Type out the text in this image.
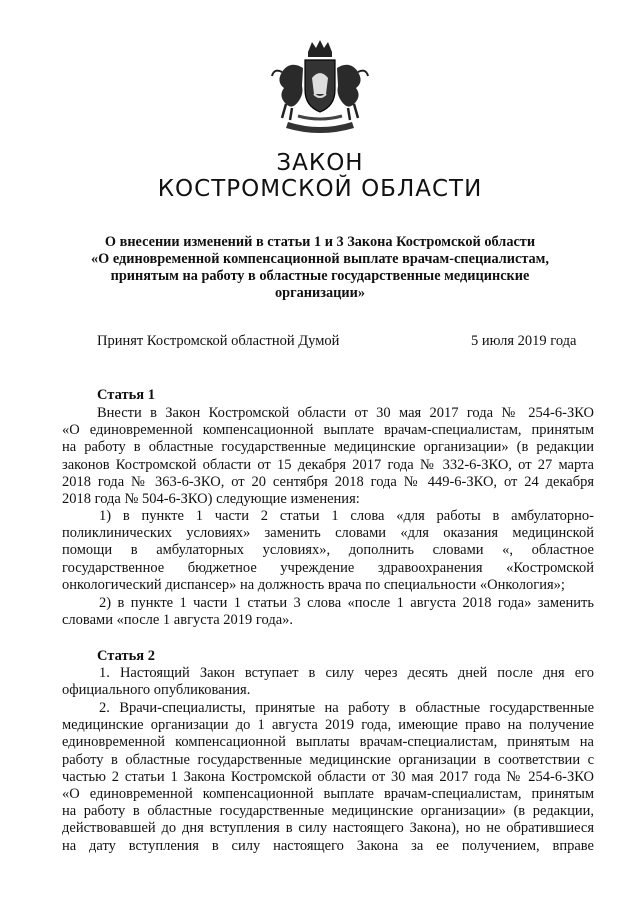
ЗАКОН
КОСТРОМСКОЙ ОБЛАСТИ
О внесении изменений в статьи 1 и 3 Закона Костромской области
«О единовременной компенсационной выплате врачам-специалистам,
принятым на работу в областные государственные медицинские
организации»
Принят Костромской областной Думой	5 июля 2019 года
Статья 1
Внести в Закон Костромской области от 30 мая 2017 года № 254-6-ЗКО
«О единовременной компенсационной выплате врачам-специалистам, принятым
на работу в областные государственные медицинские организации» (в редакции
законов Костромской области от 15 декабря 2017 года № 332-6-ЗКО, от 27 марта
2018 года № 363-6-ЗКО, от 20 сентября 2018 года № 449-6-ЗКО, от 24 декабря
2018 года № 504-6-ЗКО) следующие изменения:
1) в пункте 1 части 2 статьи 1 слова «для работы в амбулаторно-
поликлинических условиях» заменить словами «для оказания медицинской
помощи в амбулаторных условиях», дополнить словами «, областное
государственное бюджетное учреждение здравоохранения «Костромской
онкологический диспансер» на должность врача по специальности «Онкология»;
2) в пункте 1 части 1 статьи 3 слова «после 1 августа 2018 года» заменить
словами «после 1 августа 2019 года».
Статья 2
1. Настоящий Закон вступает в силу через десять дней после дня его
официального опубликования.
2. Врачи-специалисты, принятые на работу в областные государственные
медицинские организации до 1 августа 2019 года, имеющие право на получение
единовременной компенсационной выплаты врачам-специалистам, принятым на
работу в областные государственные медицинские организации в соответствии с
частью 2 статьи 1 Закона Костромской области от 30 мая 2017 года № 254-6-ЗКО
«О единовременной компенсационной выплате врачам-специалистам, принятым
на работу в областные государственные медицинские организации» (в редакции,
действовавшей до дня вступления в силу настоящего Закона), но не обратившиеся
на дату вступления в силу настоящего Закона за ее получением, вправе
